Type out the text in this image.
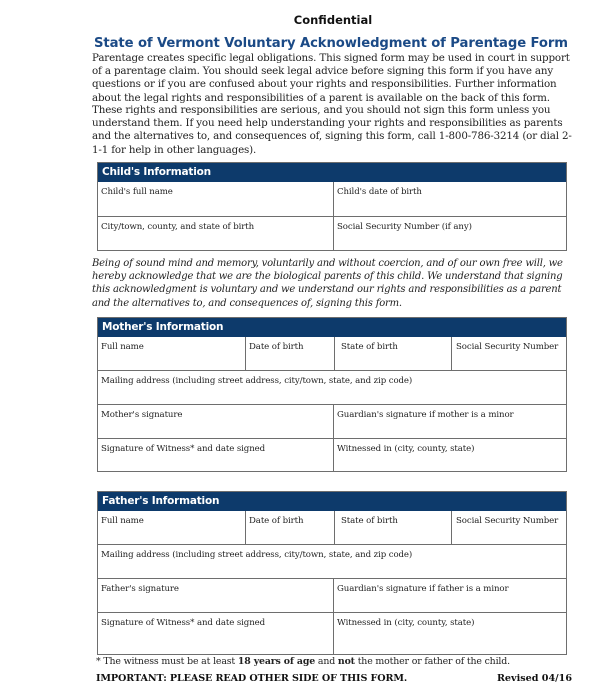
Confidential
State of Vermont Voluntary Acknowledgment of Parentage Form
Parentage creates specific legal obligations. This signed form may be used in court in support of a parentage claim. You should seek legal advice before signing this form if you have any questions or if you are confused about your rights and responsibilities. Further information about the legal rights and responsibilities of a parent is available on the back of this form.
These rights and responsibilities are serious, and you should not sign this form unless you understand them. If you need help understanding your rights and responsibilities as parents and the alternatives to, and consequences of, signing this form, call 1-800-786-3214 (or dial 2-1-1 for help in other languages).
Child's Information
Child's full name	Child's date of birth
City/town, county, and state of birth	Social Security Number (if any)
Being of sound mind and memory, voluntarily and without coercion, and of our own free will, we hereby acknowledge that we are the biological parents of this child. We understand that signing this acknowledgment is voluntary and we understand our rights and responsibilities as a parent and the alternatives to, and consequences of, signing this form.
Mother's Information
Full name	Date of birth	State of birth	Social Security Number
Mailing address (including street address, city/town, state, and zip code)
Mother's signature	Guardian's signature if mother is a minor
Signature of Witness* and date signed	Witnessed in (city, county, state)
Father's Information
Full name	Date of birth	State of birth	Social Security Number
Mailing address (including street address, city/town, state, and zip code)
Father's signature	Guardian's signature if father is a minor
Signature of Witness* and date signed	Witnessed in (city, county, state)
* The witness must be at least 18 years of age and not the mother or father of the child.
IMPORTANT: PLEASE READ OTHER SIDE OF THIS FORM.	Revised 04/16
